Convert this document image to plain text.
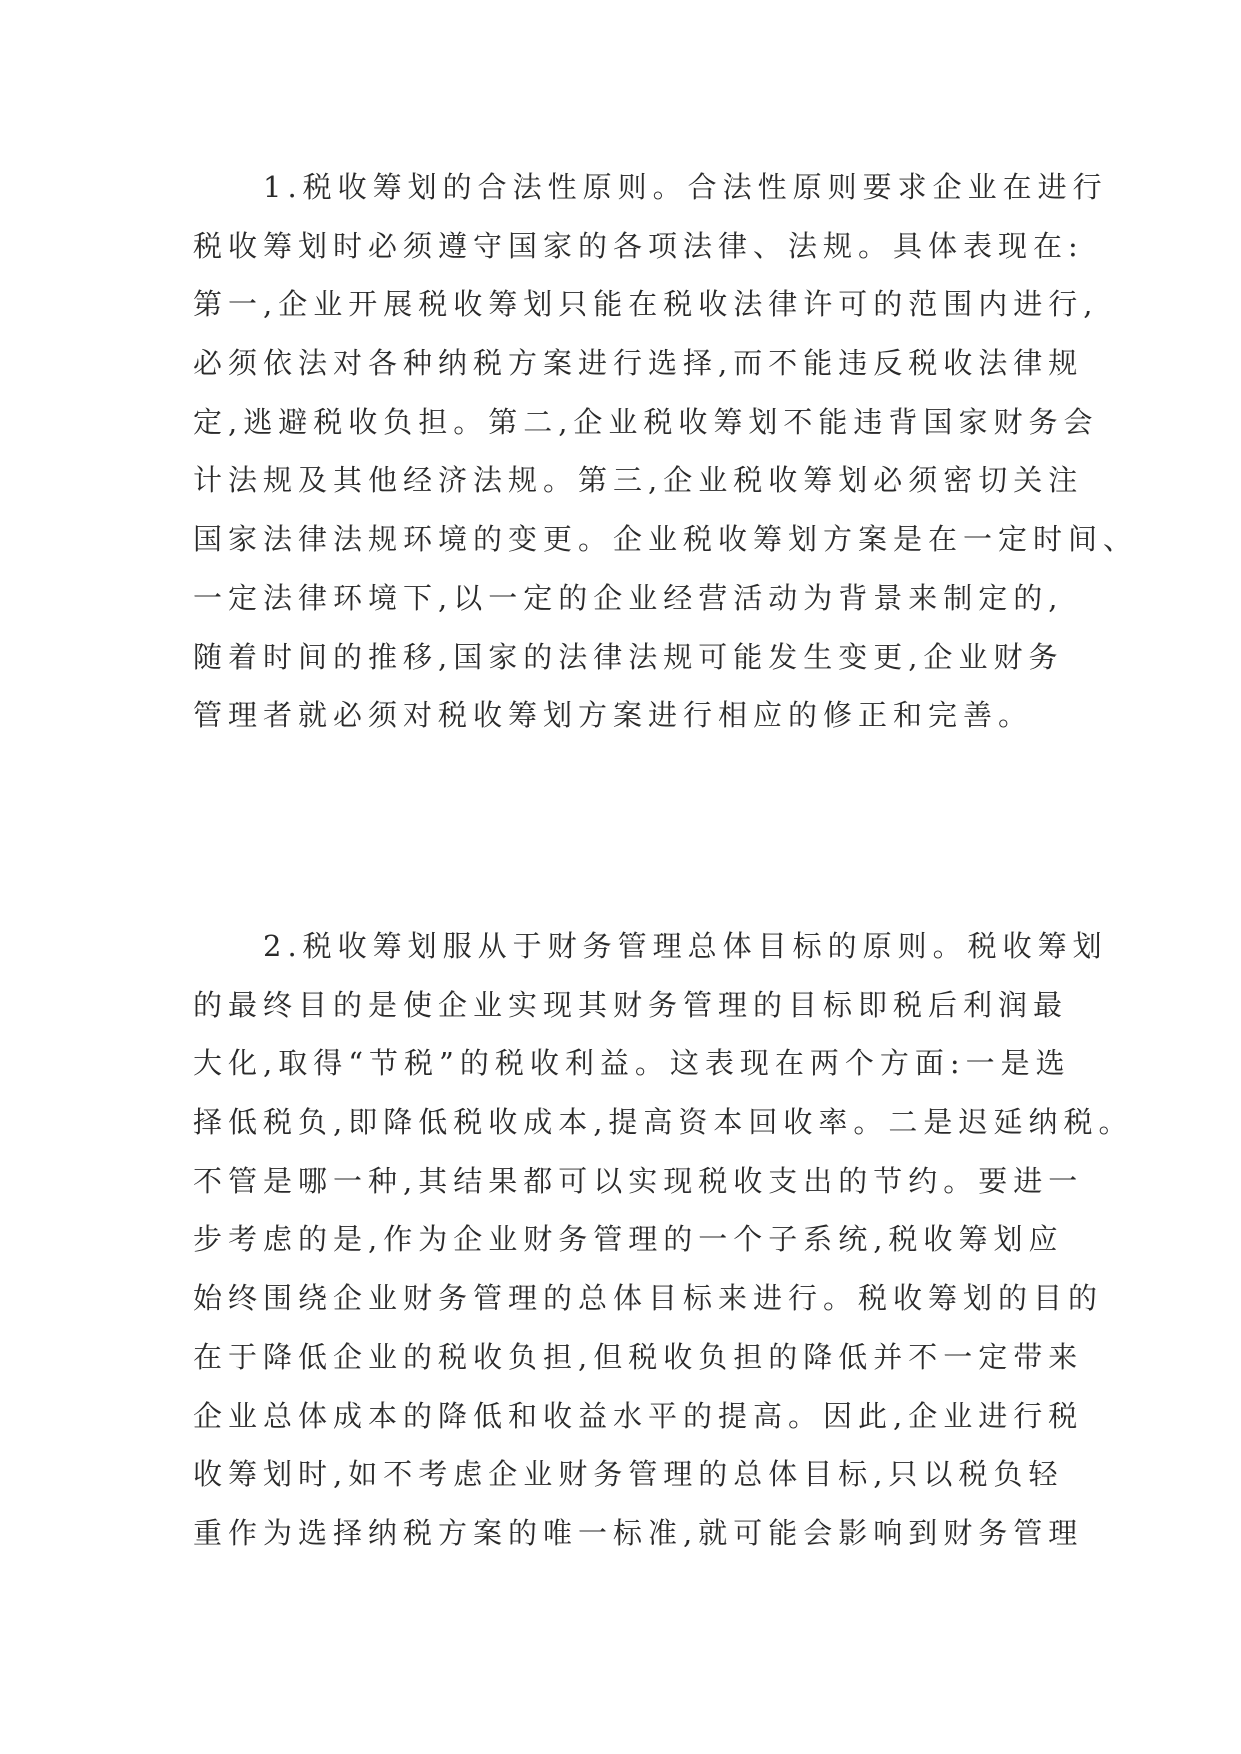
　　1.税收筹划的合法性原则。合法性原则要求企业在进行
税收筹划时必须遵守国家的各项法律、法规。具体表现在:
第一,企业开展税收筹划只能在税收法律许可的范围内进行,
必须依法对各种纳税方案进行选择,而不能违反税收法律规
定,逃避税收负担。第二,企业税收筹划不能违背国家财务会
计法规及其他经济法规。第三,企业税收筹划必须密切关注
国家法律法规环境的变更。企业税收筹划方案是在一定时间、
一定法律环境下,以一定的企业经营活动为背景来制定的,
随着时间的推移,国家的法律法规可能发生变更,企业财务
管理者就必须对税收筹划方案进行相应的修正和完善。
　　2.税收筹划服从于财务管理总体目标的原则。税收筹划
的最终目的是使企业实现其财务管理的目标即税后利润最
大化,取得“节税”的税收利益。这表现在两个方面:一是选
择低税负,即降低税收成本,提高资本回收率。二是迟延纳税。
不管是哪一种,其结果都可以实现税收支出的节约。要进一
步考虑的是,作为企业财务管理的一个子系统,税收筹划应
始终围绕企业财务管理的总体目标来进行。税收筹划的目的
在于降低企业的税收负担,但税收负担的降低并不一定带来
企业总体成本的降低和收益水平的提高。因此,企业进行税
收筹划时,如不考虑企业财务管理的总体目标,只以税负轻
重作为选择纳税方案的唯一标准,就可能会影响到财务管理
